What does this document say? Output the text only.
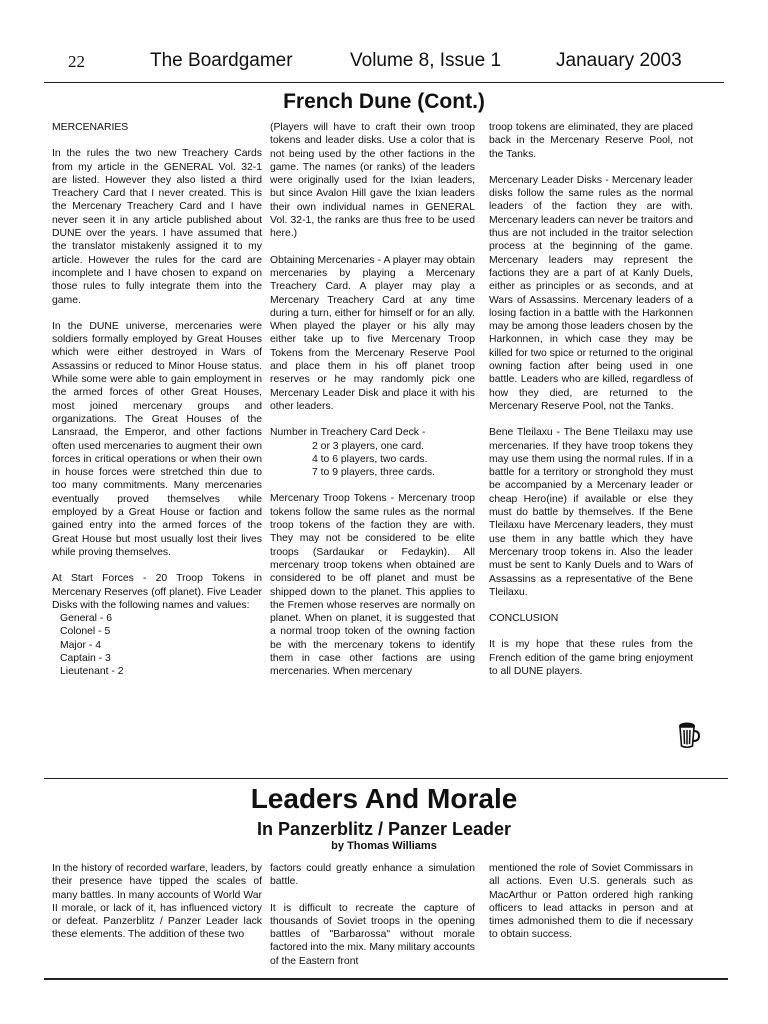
22	The Boardgamer	Volume 8, Issue 1	Janauary 2003
French Dune (Cont.)

MERCENARIES

In the rules the two new Treachery Cards from my article in the GENERAL Vol. 32-1 are listed. However they also listed a third Treachery Card that I never created. This is the Mercenary Treachery Card and I have never seen it in any article published about DUNE over the years. I have assumed that the translator mistakenly assigned it to my article. However the rules for the card are incomplete and I have chosen to expand on those rules to fully integrate them into the game.

In the DUNE universe, mercenaries were soldiers formally employed by Great Houses which were either destroyed in Wars of Assassins or reduced to Minor House status. While some were able to gain employment in the armed forces of other Great Houses, most joined mercenary groups and organizations. The Great Houses of the Lansraad, the Emperor, and other factions often used mercenaries to augment their own forces in critical operations or when their own in house forces were stretched thin due to too many commitments. Many mercenaries eventually proved themselves while employed by a Great House or faction and gained entry into the armed forces of the Great House but most usually lost their lives while proving themselves.

At Start Forces - 20 Troop Tokens in Mercenary Reserves (off planet). Five Leader Disks with the following names and values:

General - 6
Colonel - 5
Major - 4
Captain - 3
Lieutenant - 2

(Players will have to craft their own troop tokens and leader disks. Use a color that is not being used by the other factions in the game. The names (or ranks) of the leaders were originally used for the Ixian leaders, but since Avalon Hill gave the Ixian leaders their own individual names in GENERAL Vol. 32-1, the ranks are thus free to be used here.)

Obtaining Mercenaries - A player may obtain mercenaries by playing a Mercenary Treachery Card. A player may play a Mercenary Treachery Card at any time during a turn, either for himself or for an ally. When played the player or his ally may either take up to five Mercenary Troop Tokens from the Mercenary Reserve Pool and place them in his off planet troop reserves or he may randomly pick one Mercenary Leader Disk and place it with his other leaders.

Number in Treachery Card Deck -

2 or 3 players, one card.
4 to 6 players, two cards.
7 to 9 players, three cards.

Mercenary Troop Tokens - Mercenary troop tokens follow the same rules as the normal troop tokens of the faction they are with. They may not be considered to be elite troops (Sardaukar or Fedaykin). All mercenary troop tokens when obtained are considered to be off planet and must be shipped down to the planet. This applies to the Fremen whose reserves are normally on planet. When on planet, it is suggested that a normal troop token of the owning faction be with the mercenary tokens to identify them in case other factions are using mercenaries. When mercenary

troop tokens are eliminated, they are placed back in the Mercenary Reserve Pool, not the Tanks.

Mercenary Leader Disks - Mercenary leader disks follow the same rules as the normal leaders of the faction they are with. Mercenary leaders can never be traitors and thus are not included in the traitor selection process at the beginning of the game. Mercenary leaders may represent the factions they are a part of at Kanly Duels, either as principles or as seconds, and at Wars of Assassins. Mercenary leaders of a losing faction in a battle with the Harkonnen may be among those leaders chosen by the Harkonnen, in which case they may be killed for two spice or returned to the original owning faction after being used in one battle. Leaders who are killed, regardless of how they died, are returned to the Mercenary Reserve Pool, not the Tanks.

Bene Tleilaxu - The Bene Tleilaxu may use mercenaries. If they have troop tokens they may use them using the normal rules. If in a battle for a territory or stronghold they must be accompanied by a Mercenary leader or cheap Hero(ine) if available or else they must do battle by themselves. If the Bene Tleilaxu have Mercenary leaders, they must use them in any battle which they have Mercenary troop tokens in. Also the leader must be sent to Kanly Duels and to Wars of Assassins as a representative of the Bene Tleilaxu.

CONCLUSION

It is my hope that these rules from the French edition of the game bring enjoyment to all DUNE players.

Leaders And Morale
In Panzerblitz / Panzer Leader
by Thomas Williams

In the history of recorded warfare, leaders, by their presence have tipped the scales of many battles. In many accounts of World War II morale, or lack of it, has influenced victory or defeat. Panzerblitz / Panzer Leader lack these elements. The addition of these two

factors could greatly enhance a simulation battle.

It is difficult to recreate the capture of thousands of Soviet troops in the opening battles of "Barbarossa" without morale factored into the mix. Many military accounts of the Eastern front

mentioned the role of Soviet Commissars in all actions. Even U.S. generals such as MacArthur or Patton ordered high ranking officers to lead attacks in person and at times admonished them to die if necessary to obtain success.
